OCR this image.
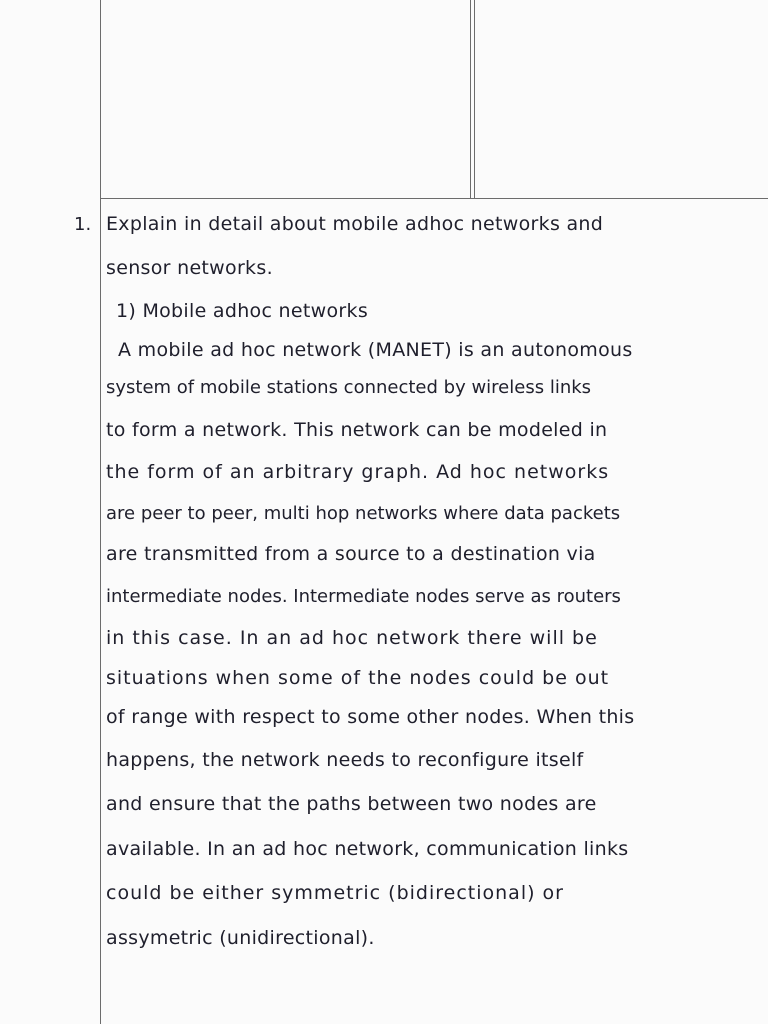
1. Explain in detail about mobile adhoc networks and
sensor networks.
1) Mobile adhoc networks
A mobile ad hoc network (MANET) is an autonomous
system of mobile stations connected by wireless links
to form a network. This network can be modeled in
the form of an arbitrary graph. Ad hoc networks
are peer to peer, multi hop networks where data packets
are transmitted from a source to a destination via
intermediate nodes. Intermediate nodes serve as routers
in this case. In an ad hoc network there will be
situations when some of the nodes could be out
of range with respect to some other nodes. When this
happens, the network needs to reconfigure itself
and ensure that the paths between two nodes are
available. In an ad hoc network, communication links
could be either symmetric (bidirectional) or
assymetric (unidirectional).
